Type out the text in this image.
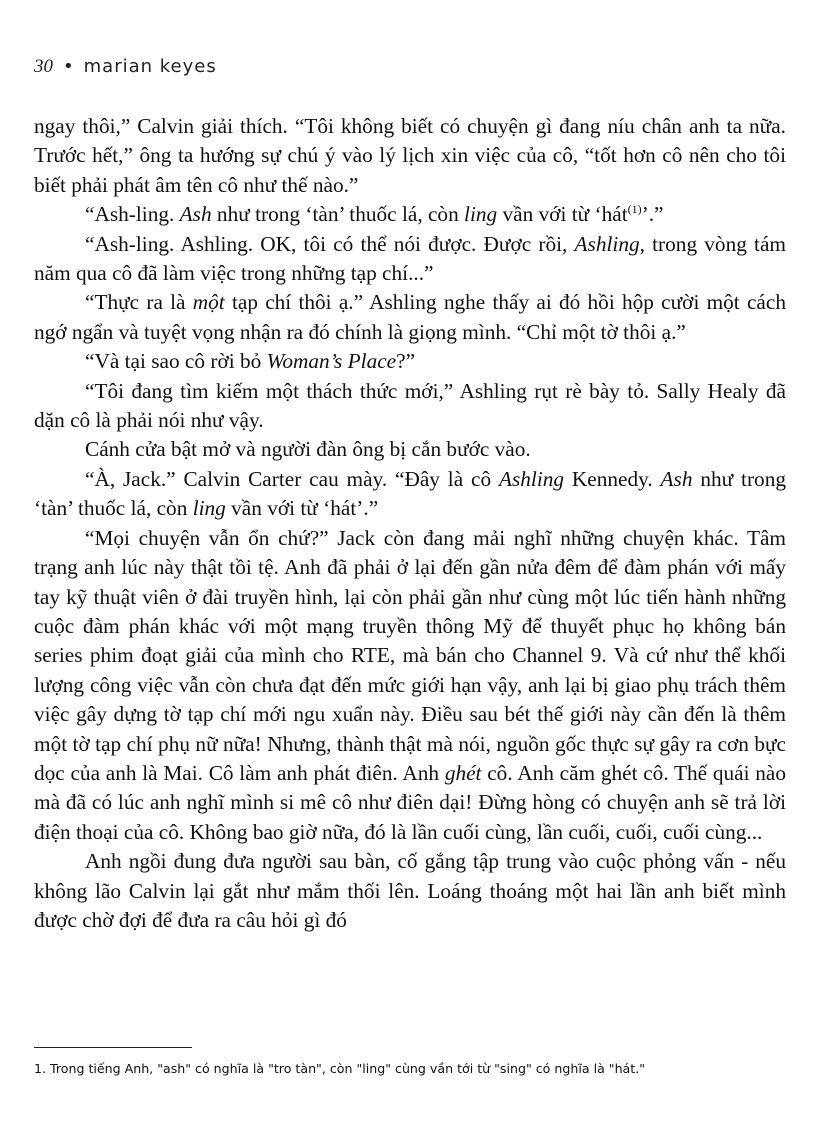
30 • marian keyes

ngay thôi,” Calvin giải thích. “Tôi không biết có chuyện gì đang níu chân anh ta nữa. Trước hết,” ông ta hướng sự chú ý vào lý lịch xin việc của cô, “tốt hơn cô nên cho tôi biết phải phát âm tên cô như thế nào.”

“Ash-ling. Ash như trong ‘tàn’ thuốc lá, còn ling vần với từ ‘hát$^{(1)}$’.”

“Ash-ling. Ashling. OK, tôi có thể nói được. Được rồi, Ashling, trong vòng tám năm qua cô đã làm việc trong những tạp chí...”

“Thực ra là một tạp chí thôi ạ.” Ashling nghe thấy ai đó hồi hộp cười một cách ngớ ngẩn và tuyệt vọng nhận ra đó chính là giọng mình. “Chỉ một tờ thôi ạ.”

“Và tại sao cô rời bỏ Woman’s Place?”

“Tôi đang tìm kiếm một thách thức mới,” Ashling rụt rè bày tỏ. Sally Healy đã dặn cô là phải nói như vậy.

Cánh cửa bật mở và người đàn ông bị cắn bước vào.

“À, Jack.” Calvin Carter cau mày. “Đây là cô Ashling Kennedy. Ash như trong ‘tàn’ thuốc lá, còn ling vần với từ ‘hát’.”

“Mọi chuyện vẫn ổn chứ?” Jack còn đang mải nghĩ những chuyện khác. Tâm trạng anh lúc này thật tồi tệ. Anh đã phải ở lại đến gần nửa đêm để đàm phán với mấy tay kỹ thuật viên ở đài truyền hình, lại còn phải gần như cùng một lúc tiến hành những cuộc đàm phán khác với một mạng truyền thông Mỹ để thuyết phục họ không bán series phim đoạt giải của mình cho RTE, mà bán cho Channel 9. Và cứ như thể khối lượng công việc vẫn còn chưa đạt đến mức giới hạn vậy, anh lại bị giao phụ trách thêm việc gây dựng tờ tạp chí mới ngu xuẩn này. Điều sau bét thế giới này cần đến là thêm một tờ tạp chí phụ nữ nữa! Nhưng, thành thật mà nói, nguồn gốc thực sự gây ra cơn bực dọc của anh là Mai. Cô làm anh phát điên. Anh ghét cô. Anh căm ghét cô. Thế quái nào mà đã có lúc anh nghĩ mình si mê cô như điên dại! Đừng hòng có chuyện anh sẽ trả lời điện thoại của cô. Không bao giờ nữa, đó là lần cuối cùng, lần cuối, cuối, cuối cùng...

Anh ngồi đung đưa người sau bàn, cố gắng tập trung vào cuộc phỏng vấn - nếu không lão Calvin lại gắt như mắm thối lên. Loáng thoáng một hai lần anh biết mình được chờ đợi để đưa ra câu hỏi gì đó

1. Trong tiếng Anh, "ash" có nghĩa là "tro tàn", còn "ling" cùng vần tới từ "sing" có nghĩa là "hát."
